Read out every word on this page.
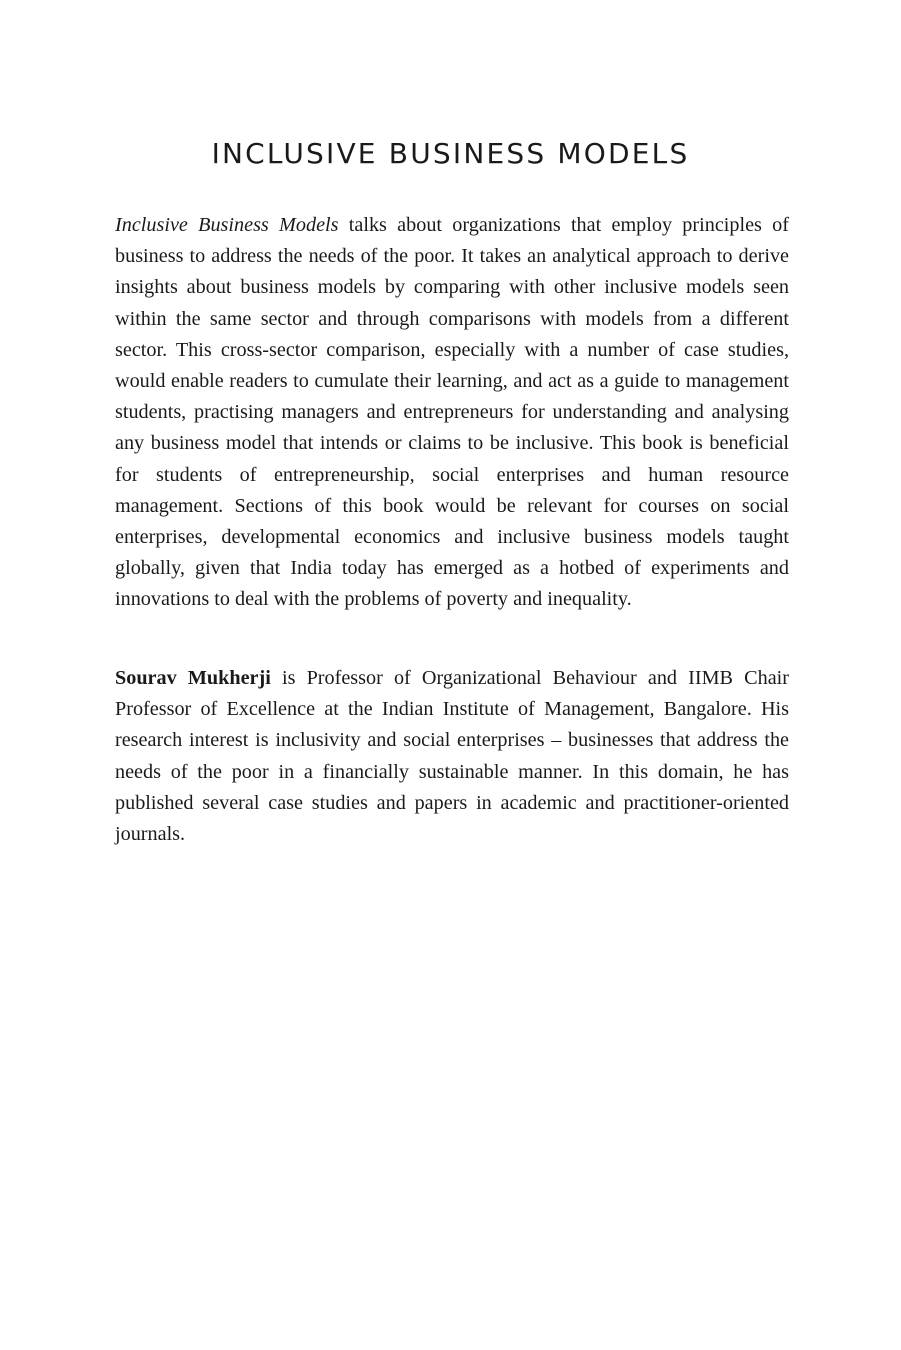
INCLUSIVE BUSINESS MODELS

Inclusive Business Models talks about organizations that employ principles of business to address the needs of the poor. It takes an analytical approach to derive insights about business models by comparing with other inclusive models seen within the same sector and through comparisons with models from a different sector. This cross-sector comparison, especially with a number of case studies, would enable readers to cumulate their learning, and act as a guide to management students, practising managers and entrepreneurs for understanding and analysing any business model that intends or claims to be inclusive. This book is beneficial for students of entrepreneurship, social enterprises and human resource management. Sections of this book would be relevant for courses on social enterprises, developmental economics and inclusive business models taught globally, given that India today has emerged as a hotbed of experiments and innovations to deal with the problems of poverty and inequality.

Sourav Mukherji is Professor of Organizational Behaviour and IIMB Chair Professor of Excellence at the Indian Institute of Management, Bangalore. His research interest is inclusivity and social enterprises – businesses that address the needs of the poor in a financially sustainable manner. In this domain, he has published several case studies and papers in academic and practitioner-oriented journals.
